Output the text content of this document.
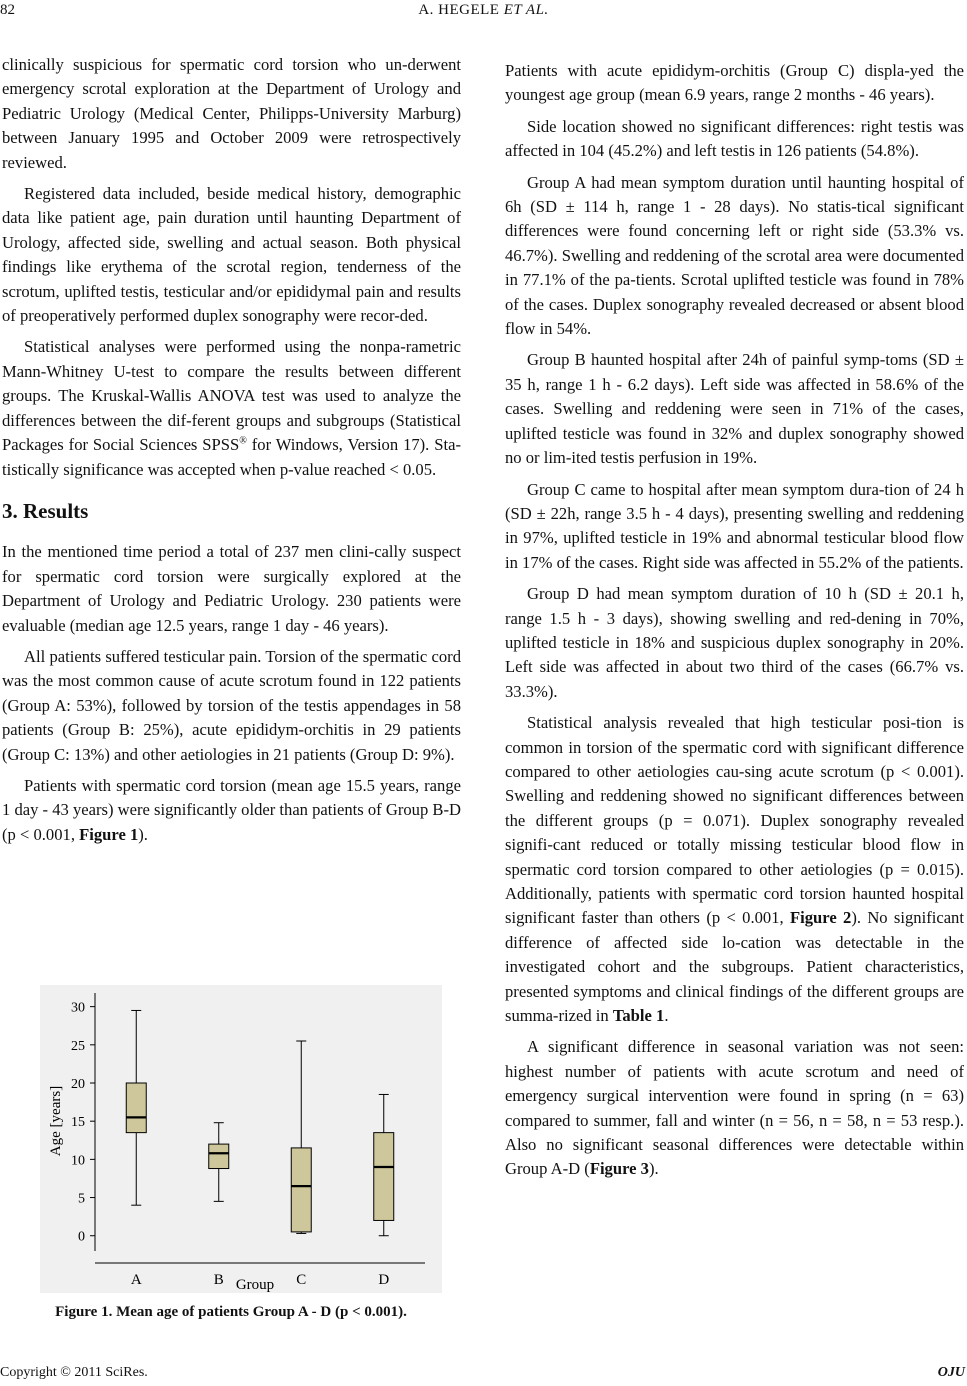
82	A. HEGELE ET AL.

clinically suspicious for spermatic cord torsion who un-derwent emergency scrotal exploration at the Department of Urology and Pediatric Urology (Medical Center, Philipps-University Marburg) between January 1995 and October 2009 were retrospectively reviewed.

Registered data included, beside medical history, demographic data like patient age, pain duration until haunting Department of Urology, affected side, swelling and actual season. Both physical findings like erythema of the scrotal region, tenderness of the scrotum, uplifted testis, testicular and/or epididymal pain and results of preoperatively performed duplex sonography were recor-ded.

Statistical analyses were performed using the nonpa-rametric Mann-Whitney U-test to compare the results between different groups. The Kruskal-Wallis ANOVA test was used to analyze the differences between the dif-ferent groups and subgroups (Statistical Packages for Social Sciences SPSS® for Windows, Version 17). Sta-tistically significance was accepted when p-value reached < 0.05.

3. Results

In the mentioned time period a total of 237 men clini-cally suspect for spermatic cord torsion were surgically explored at the Department of Urology and Pediatric Urology. 230 patients were evaluable (median age 12.5 years, range 1 day - 46 years).

All patients suffered testicular pain. Torsion of the spermatic cord was the most common cause of acute scrotum found in 122 patients (Group A: 53%), followed by torsion of the testis appendages in 58 patients (Group B: 25%), acute epididym-orchitis in 29 patients (Group C: 13%) and other aetiologies in 21 patients (Group D: 9%).

Patients with spermatic cord torsion (mean age 15.5 years, range 1 day - 43 years) were significantly older than patients of Group B-D (p < 0.001, Figure 1).

Patients with acute epididym-orchitis (Group C) displa-yed the youngest age group (mean 6.9 years, range 2 months - 46 years).

Side location showed no significant differences: right testis was affected in 104 (45.2%) and left testis in 126 patients (54.8%).

Group A had mean symptom duration until haunting hospital of 6h (SD ± 114 h, range 1 - 28 days). No statis-tical significant differences were found concerning left or right side (53.3% vs. 46.7%). Swelling and reddening of the scrotal area were documented in 77.1% of the pa-tients. Scrotal uplifted testicle was found in 78% of the cases. Duplex sonography revealed decreased or absent blood flow in 54%.

Group B haunted hospital after 24h of painful symp-toms (SD ± 35 h, range 1 h - 6.2 days). Left side was affected in 58.6% of the cases. Swelling and reddening were seen in 71% of the cases, uplifted testicle was found in 32% and duplex sonography showed no or lim-ited testis perfusion in 19%.

Group C came to hospital after mean symptom dura-tion of 24 h (SD ± 22h, range 3.5 h - 4 days), presenting swelling and reddening in 97%, uplifted testicle in 19% and abnormal testicular blood flow in 17% of the cases. Right side was affected in 55.2% of the patients.

Group D had mean symptom duration of 10 h (SD ± 20.1 h, range 1.5 h - 3 days), showing swelling and red-dening in 70%, uplifted testicle in 18% and suspicious duplex sonography in 20%. Left side was affected in about two third of the cases (66.7% vs. 33.3%).

Statistical analysis revealed that high testicular posi-tion is common in torsion of the spermatic cord with significant difference compared to other aetiologies cau-sing acute scrotum (p < 0.001). Swelling and reddening showed no significant differences between the different groups (p = 0.071). Duplex sonography revealed signifi-cant reduced or totally missing testicular blood flow in spermatic cord torsion compared to other aetiologies (p = 0.015). Additionally, patients with spermatic cord torsion haunted hospital significant faster than others (p < 0.001, Figure 2). No significant difference of affected side lo-cation was detectable in the investigated cohort and the subgroups. Patient characteristics, presented symptoms and clinical findings of the different groups are summa-rized in Table 1.

A significant difference in seasonal variation was not seen: highest number of patients with acute scrotum and need of emergency surgical intervention were found in spring (n = 63) compared to summer, fall and winter (n = 56, n = 58, n = 53 resp.). Also no significant seasonal differences were detectable within Group A-D (Figure 3).

0
5
10
15
20
25
30
A	B	C	D
Age [years]
Group
Figure 1. Mean age of patients Group A - D (p < 0.001).
Copyright © 2011 SciRes.	OJU
